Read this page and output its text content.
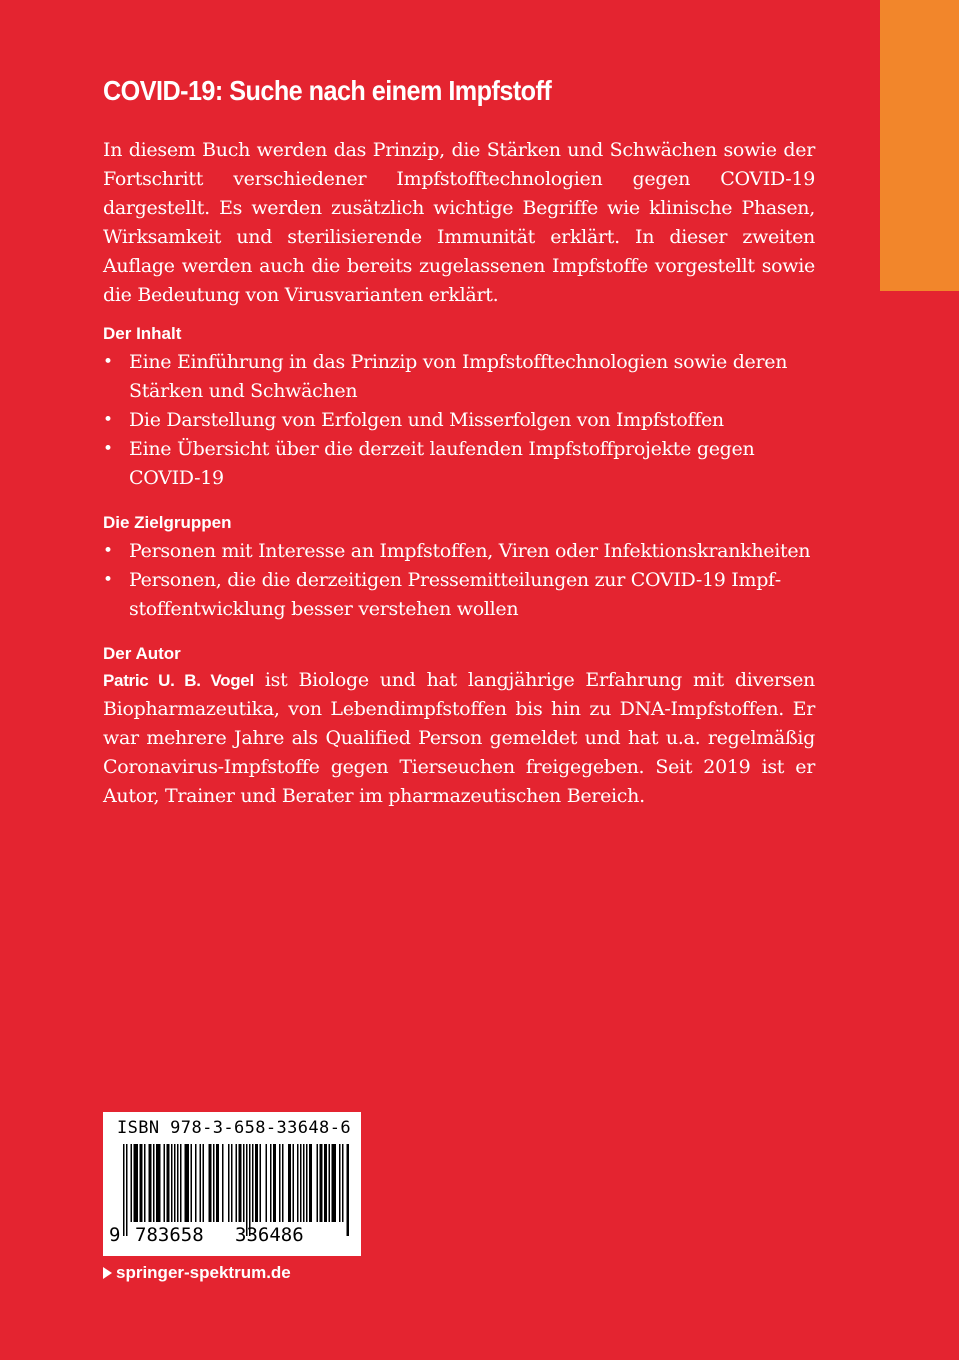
COVID-19: Suche nach einem Impfstoff

In diesem Buch werden das Prinzip, die Stärken und Schwächen sowie der Fortschritt verschiedener Impfstofftechnologien gegen COVID-19 dargestellt. Es werden zusätzlich wichtige Begriffe wie klinische Phasen, Wirksamkeit und sterilisierende Immunität erklärt. In dieser zweiten Auflage werden auch die bereits zugelassenen Impfstoffe vorgestellt sowie die Bedeutung von Virusvarianten erklärt.

Der Inhalt
• Eine Einführung in das Prinzip von Impfstofftechnologien sowie deren Stärken und Schwächen
• Die Darstellung von Erfolgen und Misserfolgen von Impfstoffen
• Eine Übersicht über die derzeit laufenden Impfstoffprojekte gegen COVID-19
Die Zielgruppen
• Personen mit Interesse an Impfstoffen, Viren oder Infektionskrankheiten
• Personen, die die derzeitigen Pressemitteilungen zur COVID-19 Impfstoffentwicklung besser verstehen wollen
Der Autor

Patric U. B. Vogel ist Biologe und hat langjährige Erfahrung mit diversen Biopharmazeutika, von Lebendimpfstoffen bis hin zu DNA-Impfstoffen. Er war mehrere Jahre als Qualified Person gemeldet und hat u.a. regelmäßig Coronavirus-Impfstoffe gegen Tierseuchen freigegeben. Seit 2019 ist er Autor, Trainer und Berater im pharmazeutischen Bereich.

ISBN 978-3-658-33648-6
9 783658 336486
springer-spektrum.de
